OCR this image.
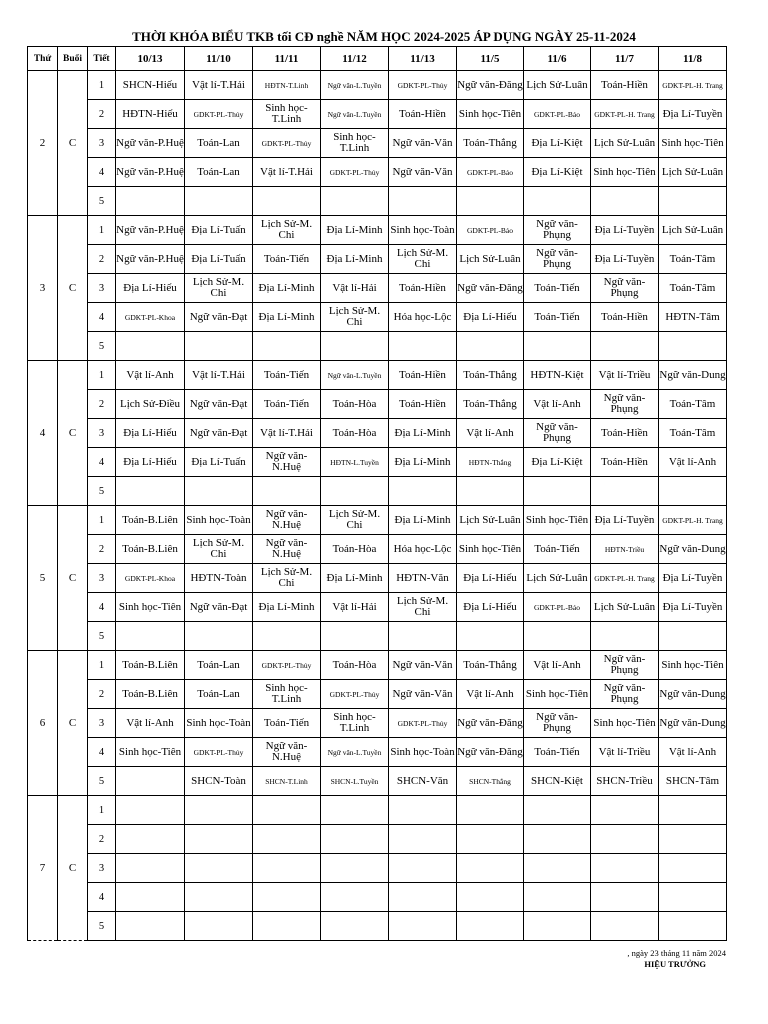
THỜI KHÓA BIỂU TKB tối CĐ nghề NĂM HỌC 2024-2025 ÁP DỤNG NGÀY 25-11-2024
Thứ	Buổi	Tiết	10/13	11/10	11/11	11/12	11/13	11/5	11/6	11/7	11/8
2	C	1	SHCN-Hiếu	Vật lí-T.Hải	HĐTN-T.Linh	Ngữ văn-L.Tuyền	GDKT-PL-Thủy	Ngữ văn-Đăng	Lịch Sử-Luân	Toán-Hiền	GDKT-PL-H. Trang
		2	HĐTN-Hiếu	GDKT-PL-Thủy	Sinh học-T.Linh	Ngữ văn-L.Tuyền	Toán-Hiền	Sinh học-Tiên	GDKT-PL-Bảo	GDKT-PL-H. Trang	Địa Lí-Tuyền
		3	Ngữ văn-P.Huệ	Toán-Lan	GDKT-PL-Thủy	Sinh học-T.Linh	Ngữ văn-Văn	Toán-Thắng	Địa Lí-Kiệt	Lịch Sử-Luân	Sinh học-Tiên
		4	Ngữ văn-P.Huệ	Toán-Lan	Vật lí-T.Hải	GDKT-PL-Thủy	Ngữ văn-Văn	GDKT-PL-Bảo	Địa Lí-Kiệt	Sinh học-Tiên	Lịch Sử-Luân
		5									
3	C	1	Ngữ văn-P.Huệ	Địa Lí-Tuấn	Lịch Sử-M. Chi	Địa Lí-Minh	Sinh học-Toàn	GDKT-PL-Bảo	Ngữ văn-Phụng	Địa Lí-Tuyền	Lịch Sử-Luân
		2	Ngữ văn-P.Huệ	Địa Lí-Tuấn	Toán-Tiến	Địa Lí-Minh	Lịch Sử-M. Chi	Lịch Sử-Luân	Ngữ văn-Phụng	Địa Lí-Tuyền	Toán-Tâm
		3	Địa Lí-Hiếu	Lịch Sử-M. Chi	Địa Lí-Minh	Vật lí-Hải	Toán-Hiền	Ngữ văn-Đăng	Toán-Tiến	Ngữ văn-Phụng	Toán-Tâm
		4	GDKT-PL-Khoa	Ngữ văn-Đạt	Địa Lí-Minh	Lịch Sử-M. Chi	Hóa học-Lộc	Địa Lí-Hiếu	Toán-Tiến	Toán-Hiền	HĐTN-Tâm
		5									
4	C	1	Vật lí-Anh	Vật lí-T.Hải	Toán-Tiến	Ngữ văn-L.Tuyền	Toán-Hiền	Toán-Thắng	HĐTN-Kiệt	Vật lí-Triều	Ngữ văn-Dung
		2	Lịch Sử-Điều	Ngữ văn-Đạt	Toán-Tiến	Toán-Hòa	Toán-Hiền	Toán-Thắng	Vật lí-Anh	Ngữ văn-Phụng	Toán-Tâm
		3	Địa Lí-Hiếu	Ngữ văn-Đạt	Vật lí-T.Hải	Toán-Hòa	Địa Lí-Minh	Vật lí-Anh	Ngữ văn-Phụng	Toán-Hiền	Toán-Tâm
		4	Địa Lí-Hiếu	Địa Lí-Tuấn	Ngữ văn-N.Huệ	HĐTN-L.Tuyền	Địa Lí-Minh	HĐTN-Thắng	Địa Lí-Kiệt	Toán-Hiền	Vật lí-Anh
		5									
5	C	1	Toán-B.Liên	Sinh học-Toàn	Ngữ văn-N.Huệ	Lịch Sử-M. Chi	Địa Lí-Minh	Lịch Sử-Luân	Sinh học-Tiên	Địa Lí-Tuyền	GDKT-PL-H. Trang
		2	Toán-B.Liên	Lịch Sử-M. Chi	Ngữ văn-N.Huệ	Toán-Hòa	Hóa học-Lộc	Sinh học-Tiên	Toán-Tiến	HĐTN-Triều	Ngữ văn-Dung
		3	GDKT-PL-Khoa	HĐTN-Toàn	Lịch Sử-M. Chi	Địa Lí-Minh	HĐTN-Văn	Địa Lí-Hiếu	Lịch Sử-Luân	GDKT-PL-H. Trang	Địa Lí-Tuyền
		4	Sinh học-Tiên	Ngữ văn-Đạt	Địa Lí-Minh	Vật lí-Hải	Lịch Sử-M. Chi	Địa Lí-Hiếu	GDKT-PL-Bảo	Lịch Sử-Luân	Địa Lí-Tuyền
		5									
6	C	1	Toán-B.Liên	Toán-Lan	GDKT-PL-Thủy	Toán-Hòa	Ngữ văn-Văn	Toán-Thắng	Vật lí-Anh	Ngữ văn-Phụng	Sinh học-Tiên
		2	Toán-B.Liên	Toán-Lan	Sinh học-T.Linh	GDKT-PL-Thủy	Ngữ văn-Văn	Vật lí-Anh	Sinh học-Tiên	Ngữ văn-Phụng	Ngữ văn-Dung
		3	Vật lí-Anh	Sinh học-Toàn	Toán-Tiến	Sinh học-T.Linh	GDKT-PL-Thủy	Ngữ văn-Đăng	Ngữ văn-Phụng	Sinh học-Tiên	Ngữ văn-Dung
		4	Sinh học-Tiên	GDKT-PL-Thủy	Ngữ văn-N.Huệ	Ngữ văn-L.Tuyền	Sinh học-Toàn	Ngữ văn-Đăng	Toán-Tiến	Vật lí-Triều	Vật lí-Anh
		5		SHCN-Toàn	SHCN-T.Linh	SHCN-L.Tuyền	SHCN-Văn	SHCN-Thắng	SHCN-Kiệt	SHCN-Triều	SHCN-Tâm
7	C	1									
		2									
		3									
		4									
		5									
, ngày 23 tháng 11 năm 2024
HIỆU TRƯỞNG
